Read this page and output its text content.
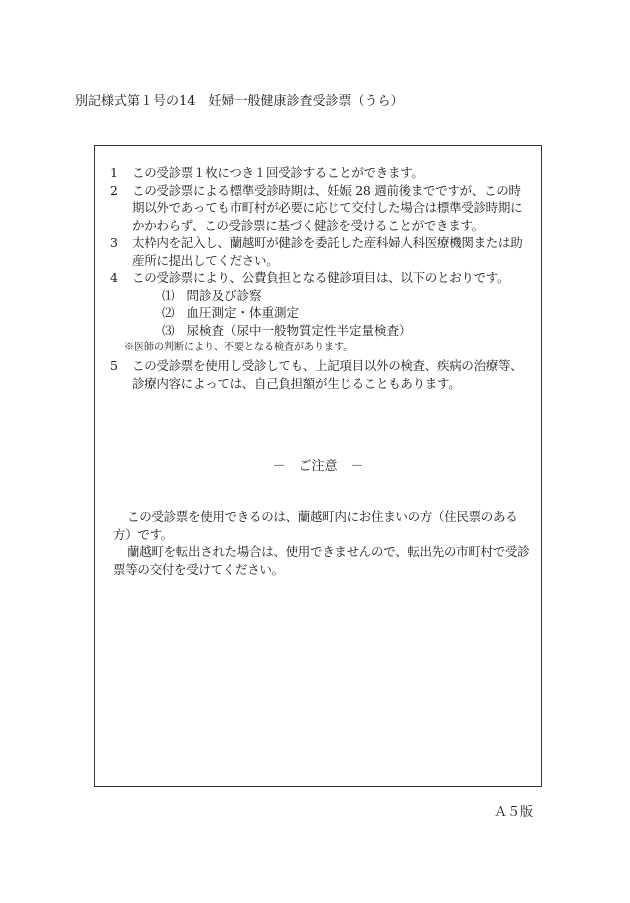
別記様式第１号の14　妊婦一般健康診査受診票（うら）
1 この受診票１枚につき１回受診することができます。
2 この受診票による標準受診時期は、妊娠 28 週前後までですが、この時期以外であっても市町村が必要に応じて交付した場合は標準受診時期にかかわらず、この受診票に基づく健診を受けることができます。
3 太枠内を記入し、蘭越町が健診を委託した産科婦人科医療機関または助産所に提出してください。
4 この受診票により、公費負担となる健診項目は、以下のとおりです。
⑴ 問診及び診察
⑵ 血圧測定・体重測定
⑶ 尿検査（尿中一般物質定性半定量検査）
※医師の判断により、不要となる検査があります。
5 この受診票を使用し受診しても、上記項目以外の検査、疾病の治療等、診療内容によっては、自己負担額が生じることもあります。
－　ご注意　－

この受診票を使用できるのは、蘭越町内にお住まいの方（住民票のある方）です。

蘭越町を転出された場合は、使用できませんので、転出先の市町村で受診票等の交付を受けてください。

Ａ５版
